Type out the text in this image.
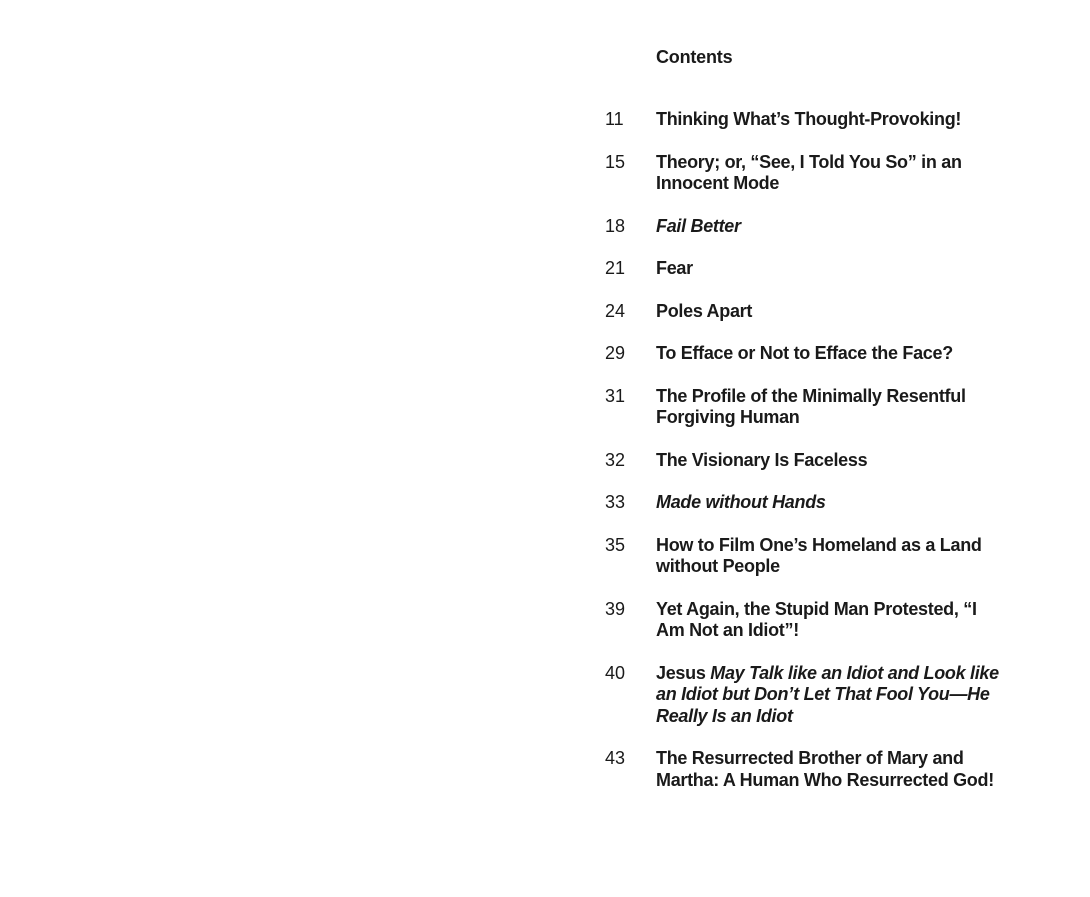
Contents
11	Thinking What’s Thought-Provoking!
15	Theory; or, “See, I Told You So” in an Innocent Mode
18	Fail Better
21	Fear
24	Poles Apart
29	To Efface or Not to Efface the Face?
31	The Profile of the Minimally Resentful Forgiving Human
32	The Visionary Is Faceless
33	Made without Hands
35	How to Film One’s Homeland as a Land without People
39	Yet Again, the Stupid Man Protested, “I Am Not an Idiot”!
40	Jesus May Talk like an Idiot and Look like an Idiot but Don’t Let That Fool You—He Really Is an Idiot
43	The Resurrected Brother of Mary and Martha: A Human Who Resurrected God!
